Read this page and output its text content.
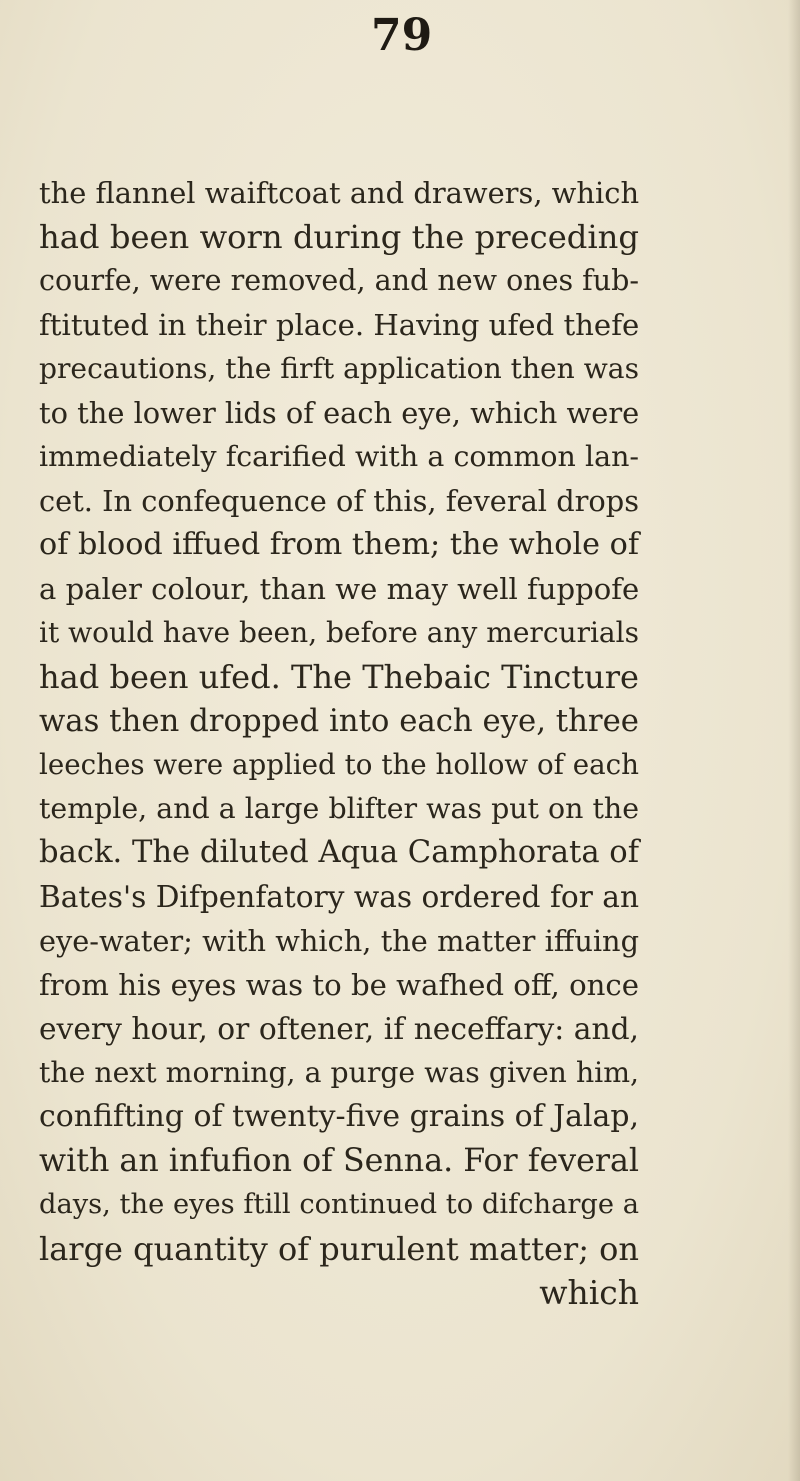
79
the flannel waiftcoat and drawers, which
had been worn during the preceding
courfe, were removed, and new ones fub-
ftituted in their place. Having ufed thefe
precautions, the firft application then was
to the lower lids of each eye, which were
immediately fcarified with a common lan-
cet. In confequence of this, feveral drops
of blood iffued from them; the whole of
a paler colour, than we may well fuppofe
it would have been, before any mercurials
had been ufed. The Thebaic Tincture
was then dropped into each eye, three
leeches were applied to the hollow of each
temple, and a large blifter was put on the
back. The diluted Aqua Camphorata of
Bates's Difpenfatory was ordered for an
eye-water; with which, the matter iffuing
from his eyes was to be wafhed off, once
every hour, or oftener, if neceffary: and,
the next morning, a purge was given him,
confifting of twenty-five grains of Jalap,
with an infufion of Senna. For feveral
days, the eyes ftill continued to difcharge a
large quantity of purulent matter; on
which
